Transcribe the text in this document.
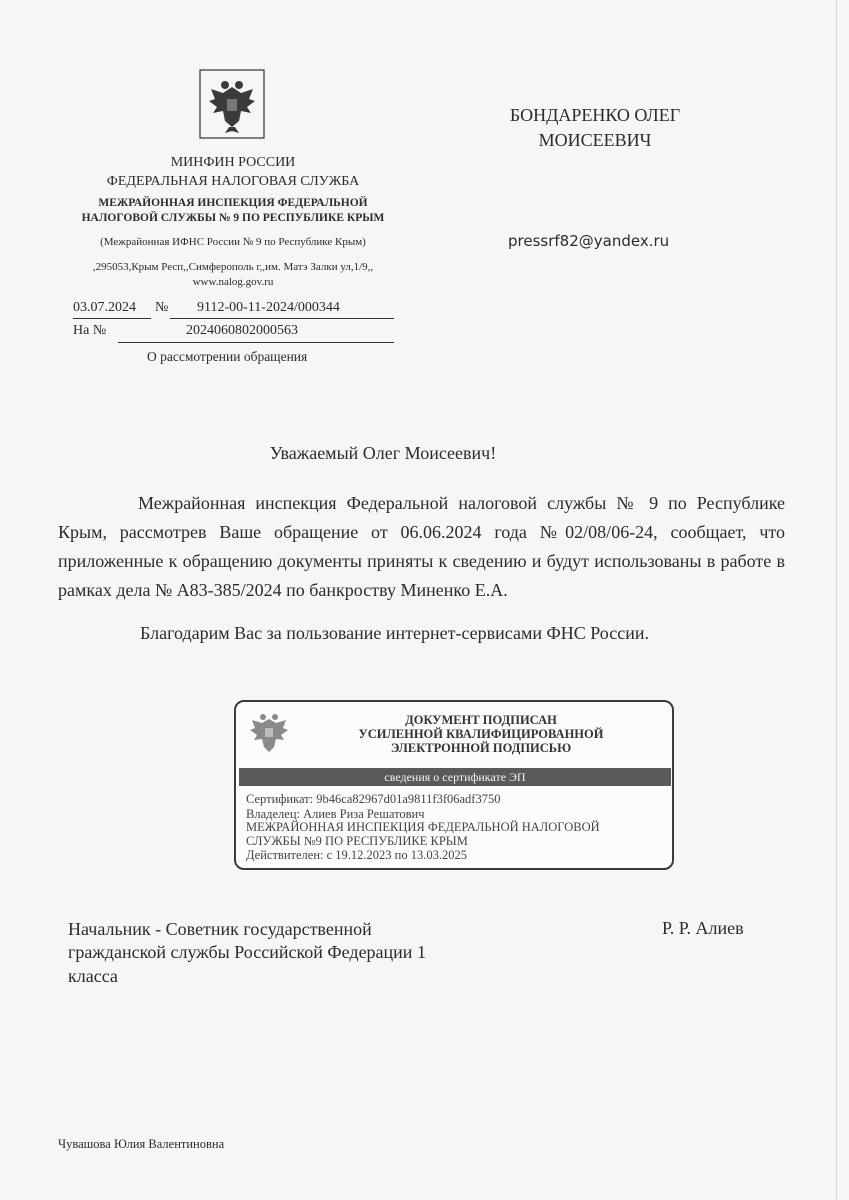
МИНФИН РОССИИ
ФЕДЕРАЛЬНАЯ НАЛОГОВАЯ СЛУЖБА
МЕЖРАЙОННАЯ ИНСПЕКЦИЯ ФЕДЕРАЛЬНОЙ
НАЛОГОВОЙ СЛУЖБЫ № 9 ПО РЕСПУБЛИКЕ КРЫМ
(Межрайонная ИФНС России № 9 по Республике Крым)
,295053,Крым Респ,,Симферополь г,,им. Матэ Залки ул,1/9,,
www.nalog.gov.ru
03.07.2024 № 9112-00-11-2024/000344
На №	2024060802000563
О рассмотрении обращения
БОНДАРЕНКО ОЛЕГ
МОИСЕЕВИЧ
pressrf82@yandex.ru
Уважаемый Олег Моисеевич!
Межрайонная инспекция Федеральной налоговой службы № 9 по Республике Крым, рассмотрев Ваше обращение от 06.06.2024 года №02/08/06-24, сообщает, что приложенные к обращению документы приняты к сведению и будут использованы в работе в рамках дела № А83-385/2024 по банкроству Миненко Е.А.
Благодарим Вас за пользование интернет-сервисами ФНС России.
ДОКУМЕНТ ПОДПИСАН
УСИЛЕННОЙ КВАЛИФИЦИРОВАННОЙ
ЭЛЕКТРОННОЙ ПОДПИСЬЮ
сведения о сертификате ЭП
Сертификат: 9b46ca82967d01a9811f3f06adf3750
Владелец: Алиев Риза Решатович
МЕЖРАЙОННАЯ ИНСПЕКЦИЯ ФЕДЕРАЛЬНОЙ НАЛОГОВОЙ
СЛУЖБЫ №9 ПО РЕСПУБЛИКЕ КРЫМ
Действителен: с 19.12.2023 по 13.03.2025
Начальник - Советник государственной
гражданской службы Российской Федерации 1
класса
Р. Р. Алиев
Чувашова Юлия Валентиновна
